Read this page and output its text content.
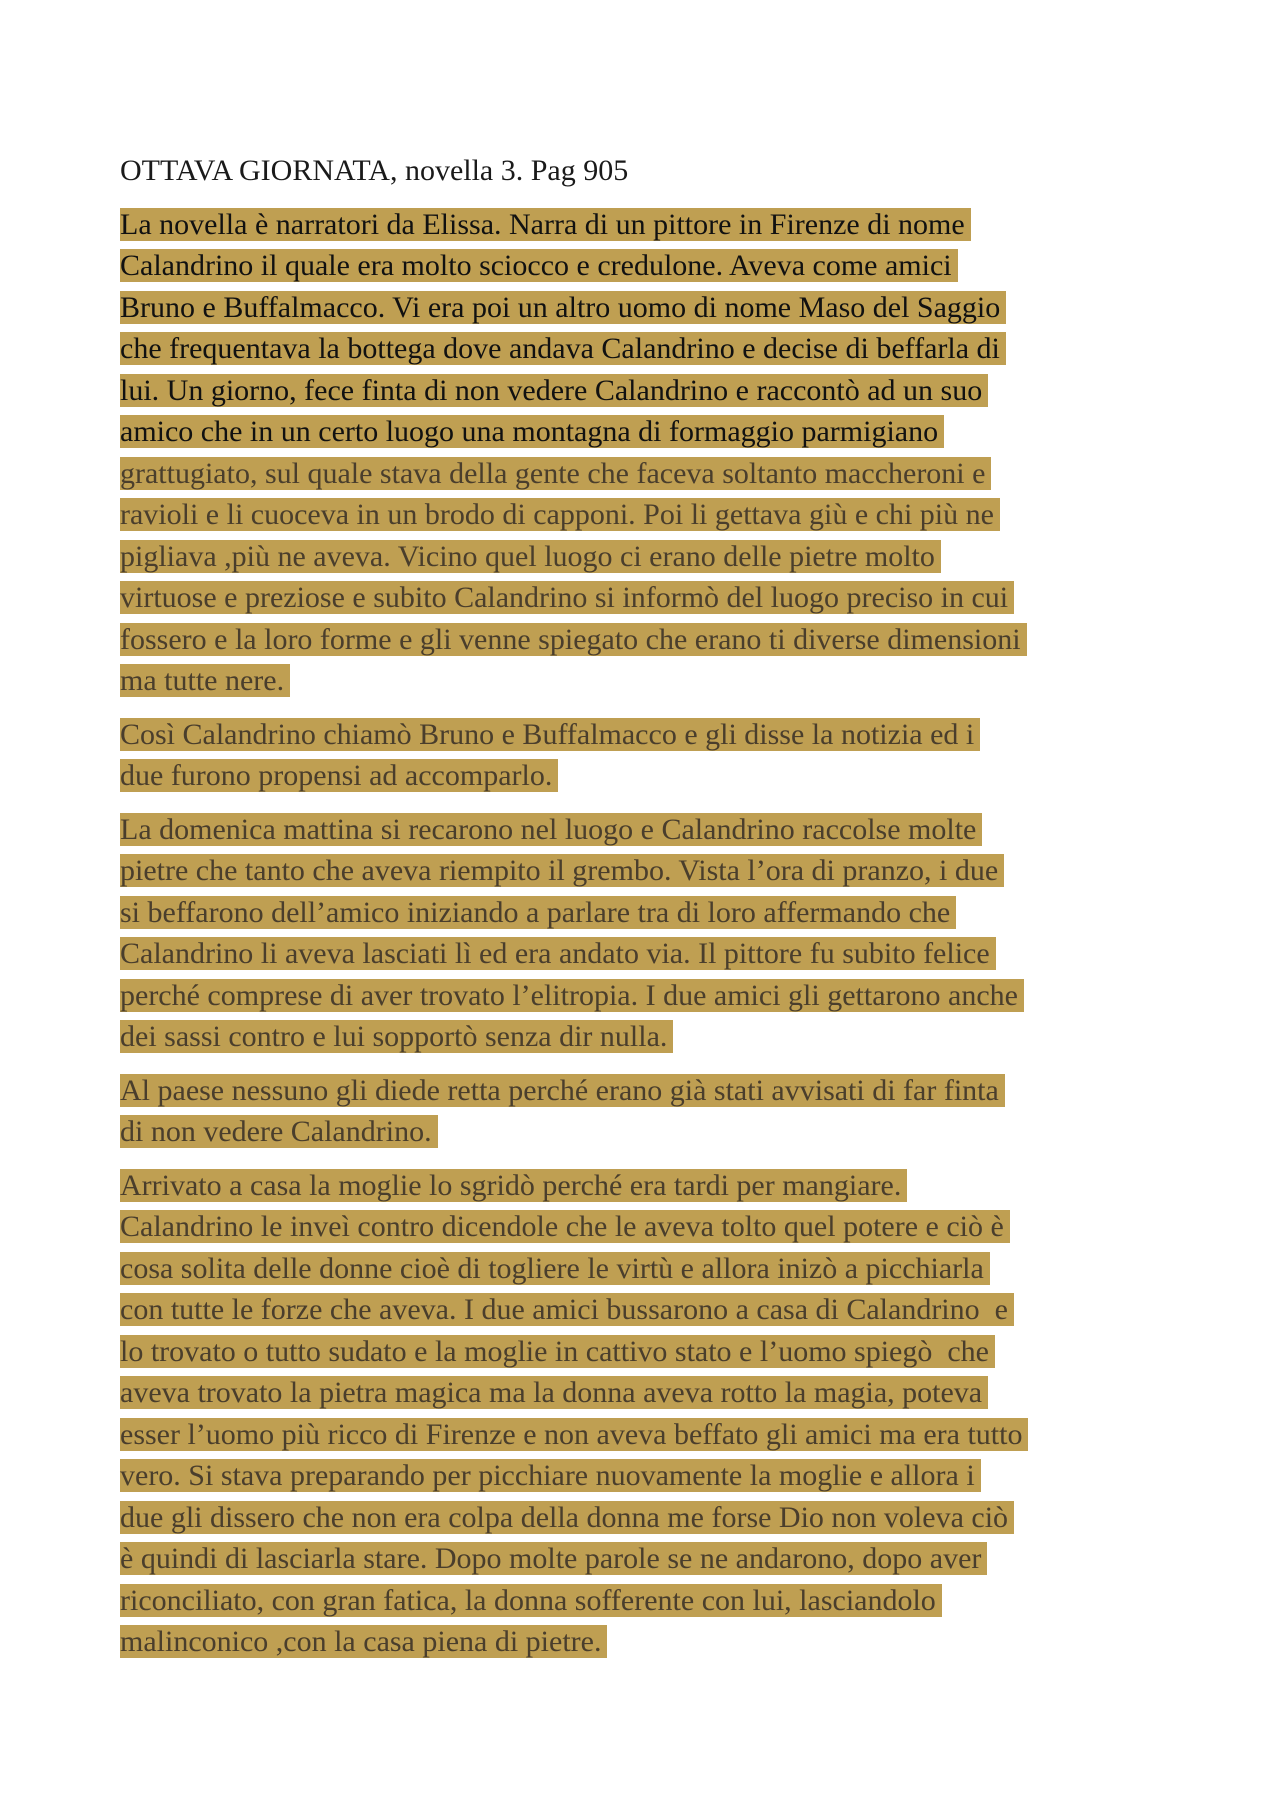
OTTAVA GIORNATA, novella 3. Pag 905
La novella è narratori da Elissa. Narra di un pittore in Firenze di nome
Calandrino il quale era molto sciocco e credulone. Aveva come amici
Bruno e Buffalmacco. Vi era poi un altro uomo di nome Maso del Saggio
che frequentava la bottega dove andava Calandrino e decise di beffarla di
lui. Un giorno, fece finta di non vedere Calandrino e raccontò ad un suo
amico che in un certo luogo una montagna di formaggio parmigiano
grattugiato, sul quale stava della gente che faceva soltanto maccheroni e
ravioli e li cuoceva in un brodo di capponi. Poi li gettava giù e chi più ne
pigliava ,più ne aveva. Vicino quel luogo ci erano delle pietre molto
virtuose e preziose e subito Calandrino si informò del luogo preciso in cui
fossero e la loro forme e gli venne spiegato che erano ti diverse dimensioni
ma tutte nere.
Così Calandrino chiamò Bruno e Buffalmacco e gli disse la notizia ed i
due furono propensi ad accomparlo.
La domenica mattina si recarono nel luogo e Calandrino raccolse molte
pietre che tanto che aveva riempito il grembo. Vista l’ora di pranzo, i due
si beffarono dell’amico iniziando a parlare tra di loro affermando che
Calandrino li aveva lasciati lì ed era andato via. Il pittore fu subito felice
perché comprese di aver trovato l’elitropia. I due amici gli gettarono anche
dei sassi contro e lui sopportò senza dir nulla.
Al paese nessuno gli diede retta perché erano già stati avvisati di far finta
di non vedere Calandrino.
Arrivato a casa la moglie lo sgridò perché era tardi per mangiare.
Calandrino le inveì contro dicendole che le aveva tolto quel potere e ciò è
cosa solita delle donne cioè di togliere le virtù e allora inizò a picchiarla
con tutte le forze che aveva. I due amici bussarono a casa di Calandrino  e
lo trovato o tutto sudato e la moglie in cattivo stato e l’uomo spiegò  che
aveva trovato la pietra magica ma la donna aveva rotto la magia, poteva
esser l’uomo più ricco di Firenze e non aveva beffato gli amici ma era tutto
vero. Si stava preparando per picchiare nuovamente la moglie e allora i
due gli dissero che non era colpa della donna me forse Dio non voleva ciò
è quindi di lasciarla stare. Dopo molte parole se ne andarono, dopo aver
riconciliato, con gran fatica, la donna sofferente con lui, lasciandolo
malinconico ,con la casa piena di pietre.
